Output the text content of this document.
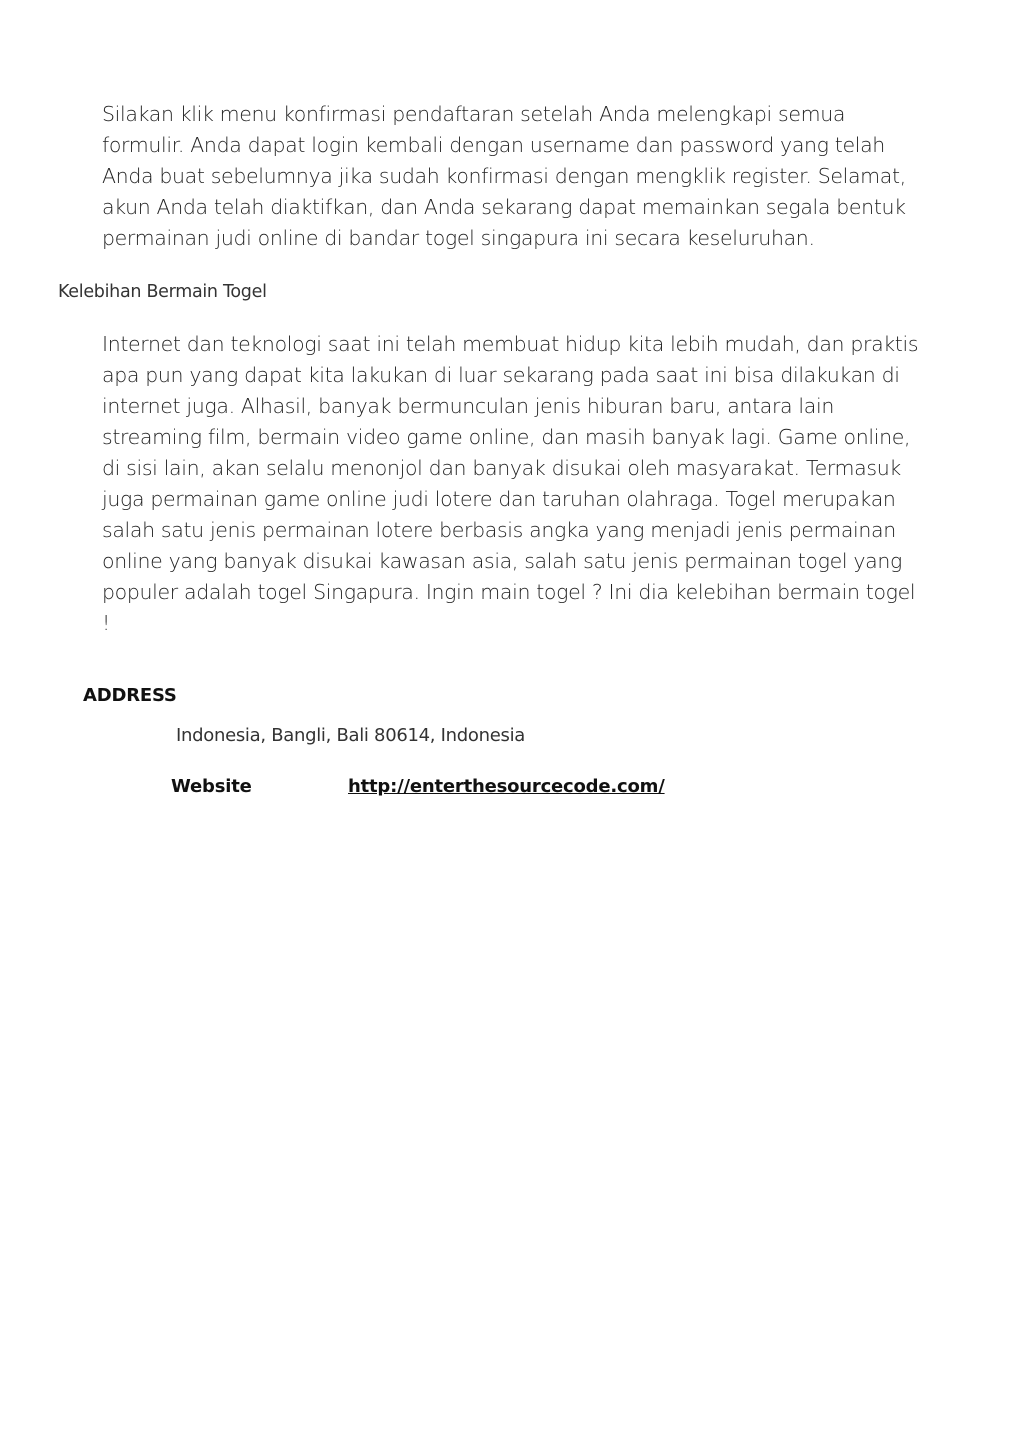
Silakan klik menu konfirmasi pendaftaran setelah Anda melengkapi semua formulir. Anda dapat login kembali dengan username dan password yang telah Anda buat sebelumnya jika sudah konfirmasi dengan mengklik register. Selamat, akun Anda telah diaktifkan, dan Anda sekarang dapat memainkan segala bentuk permainan judi online di bandar togel singapura ini secara keseluruhan.

Kelebihan Bermain Togel

Internet dan teknologi saat ini telah membuat hidup kita lebih mudah, dan praktis apa pun yang dapat kita lakukan di luar sekarang pada saat ini bisa dilakukan di internet juga. Alhasil, banyak bermunculan jenis hiburan baru, antara lain streaming film, bermain video game online, dan masih banyak lagi. Game online, di sisi lain, akan selalu menonjol dan banyak disukai oleh masyarakat. Termasuk juga permainan game online judi lotere dan taruhan olahraga. Togel merupakan salah satu jenis permainan lotere berbasis angka yang menjadi jenis permainan online yang banyak disukai kawasan asia, salah satu jenis permainan togel yang populer adalah togel Singapura. Ingin main togel ? Ini dia kelebihan bermain togel !

ADDRESS

Indonesia, Bangli, Bali 80614, Indonesia

Website	http://enterthesourcecode.com/
